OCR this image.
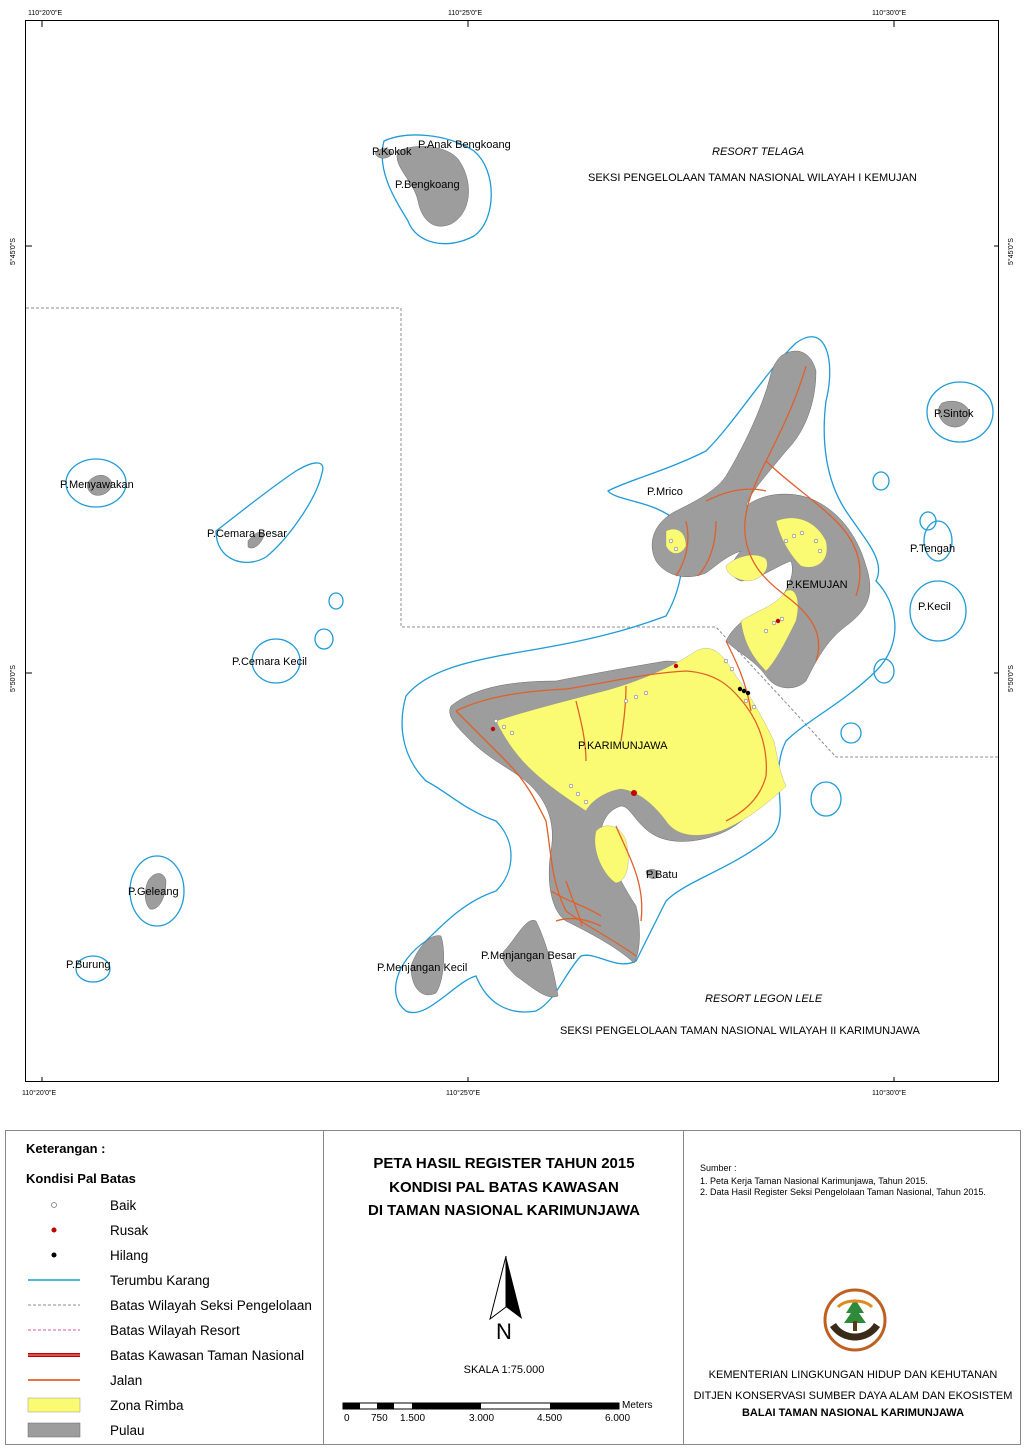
110°20'0"E	110°25'0"E	110°30'0"E
110°20'0"E	110°25'0"E	110°30'0"E
5°45'0"S
5°50'0"S
5°45'0"S
5°50'0"S
P.Kokok
P.Anak Bengkoang
P.Bengkoang
P.Sintok
P.Menyawakan
P.Mrico
P.Cemara Besar
P.Tengah
P.KEMUJAN
P.Kecil
P.Cemara Kecil
P.KARIMUNJAWA
P.Batu
P.Geleang
P.Burung	P.Menjangan Kecil
P.Menjangan Besar
RESORT TELAGA
SEKSI PENGELOLAAN TAMAN NASIONAL WILAYAH I KEMUJAN
RESORT LEGON LELE
SEKSI PENGELOLAAN TAMAN NASIONAL WILAYAH II KARIMUNJAWA
Keterangan :
Kondisi Pal Batas
Baik
Rusak
Hilang
Terumbu Karang
Batas Wilayah Seksi Pengelolaan
Batas Wilayah Resort
Batas Kawasan Taman Nasional
Jalan
Zona Rimba
Pulau
PETA HASIL REGISTER TAHUN 2015
KONDISI PAL BATAS KAWASAN
DI TAMAN NASIONAL KARIMUNJAWA
N
SKALA 1:75.000
0 750 1.500	3.000	4.500	6.000
Meters
Sumber :
1. Peta Kerja Taman Nasional Karimunjawa, Tahun 2015.
2. Data Hasil Register Seksi Pengelolaan Taman Nasional, Tahun 2015.
KEMENTERIAN LINGKUNGAN HIDUP DAN KEHUTANAN
DITJEN KONSERVASI SUMBER DAYA ALAM DAN EKOSISTEM
BALAI TAMAN NASIONAL KARIMUNJAWA
